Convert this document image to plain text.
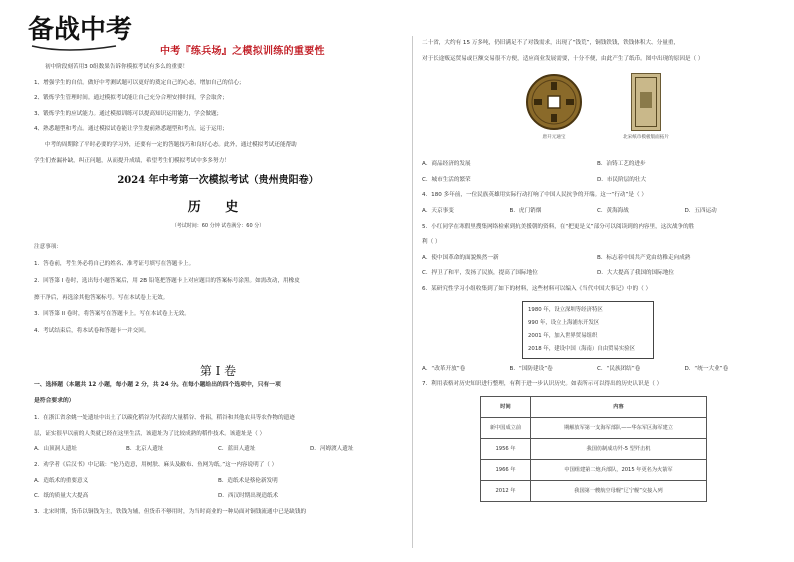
备战中考
中考『练兵场』之模拟训练的重要性
初中阶段刻苦用3 0组数果告诉你模拟考试有多么的重要！
1、增强学生的自信。做好中考测试题可以更好的奠定自己的心态，增加自己的信心；
2、锻炼学生管理时间。通过模拟考试能让自己充分合理安排时间，学会取舍；
3、锻炼学生的应试能力。通过模拟训练可以提高知识运用能力，学会做题；
4、熟悉题型和考点。通过模拟试卷能让学生提前熟悉题型和考点，运于运用；
中考的周期除了平时必要的学习外，还要有一定的答题技巧和良好心态。此外，通过模拟考试还能帮助
学生们查漏补缺，纠正问题，从而提升成绩，希望考生们模拟考试中多多努力！
2024 年中考第一次模拟考试（贵州贵阳卷）
历 史
（考试时间：60 分钟 试卷满分：60 分）
注意事项：
1．答卷前，考生务必将自己的姓名、准考证号填写在答题卡上。
2．回答第 I 卷时，选出每小题答案后，用 2B 铅笔把答题卡上对应题目的答案标号涂黑。如需改动，用橡皮
擦干净后，再选涂其他答案标号。写在本试卷上无效。
3．回答第 II 卷时，将答案写在答题卡上。写在本试卷上无效。
4．考试结束后，将本试卷和答题卡一并交回。
第 I 卷
一、选择题（本题共 12 小题，每小题 2 分，共 24 分。在每小题给出的四个选项中，只有一项
是符合要求的）
1．在浙江省余姚一处遗址中出土了以碳化稻谷为代表的大量稻谷、骨耜，稻谷和其他农具等农作物的遗迹
层，证实很早以前的人类就已经在这里生活，该遗址为了比较成熟的稻作技术。该遗址是（ ）
A．山顶洞人遗址	B．北京人遗址	C．蓝田人遗址	D．河姆渡人遗址
2．劝学者《后汉书》中记载：“伦乃造意，用树肤、麻头及敝布、鱼网为纸。”这一内容说明了（ ）
A．造纸术的重要意义	B．造纸术是蔡伦新发明
C．纸的质量大大提高	D．西汉时期出现造纸术
3．北宋时期，货币以铜钱为主，铁钱为辅，但货币不够用时，为当时商业的一种局面对铜钱流通中已是缺钱的
二十省，大约有 15 万多吨，仍旧满足不了对钱需求，出现了“钱荒”，铜钱铁钱，铁钱体积大、分量重，
对于长途贩运贸易或巨额交易很不方便，适应商业发展需要，十分不便，由此产生了纸币。图中出现的原因是（ ）
唐开元通宝	北宋纸币模板版面拓片
A．商品经济的发展	B．冶铸工艺的进步
C．城市生活的繁荣	D．市民阶层的壮大
4．180 多年前，一位民族英雄用实际行动打响了中国人民抗争的开端。这一“行动”是（ ）
A．天京事变	B．虎门销烟	C．黄海海战	D．五四运动
5．小红同学在寒假里搜集网络检索到抗美援朝的资料，在“把更是义”部分可以阅读到的内容里，这次战争的胜
利（ ）
A．使中国革命的面貌焕然一新	B．标志着中国共产党由幼稚走向成熟
C．捍卫了和平，发扬了民族，提高了国际地位	D．大大提高了我国的国际地位
6．某研究性学习小组收集到了如下的材料，这些材料可以编入《当代中国大事记》中的（ ）
1980 年，设立深圳等经济特区
990 年，设立上海浦东开发区
2001 年，加入世界贸易组织
2018 年，建设中国（海南）自由贸易实验区
A．“改革开放”卷	B．“国防建设”卷	C．“民族团结”卷	D．“统一大业”卷
7．利用表格对历史知识进行整理，有利于进一步认识历史。如表所示可以得出的历史认识是（ ）
时间	内容
新中国成立前	期解放军第一支海军部队——华东军区海军建立
1956 年	我国仿制成功歼-5 型歼击机
1966 年	中国组建第二炮兵部队，2015 年更名为火箭军
2012 年	我国第一艘航空母舰“辽宁舰”交接入列
